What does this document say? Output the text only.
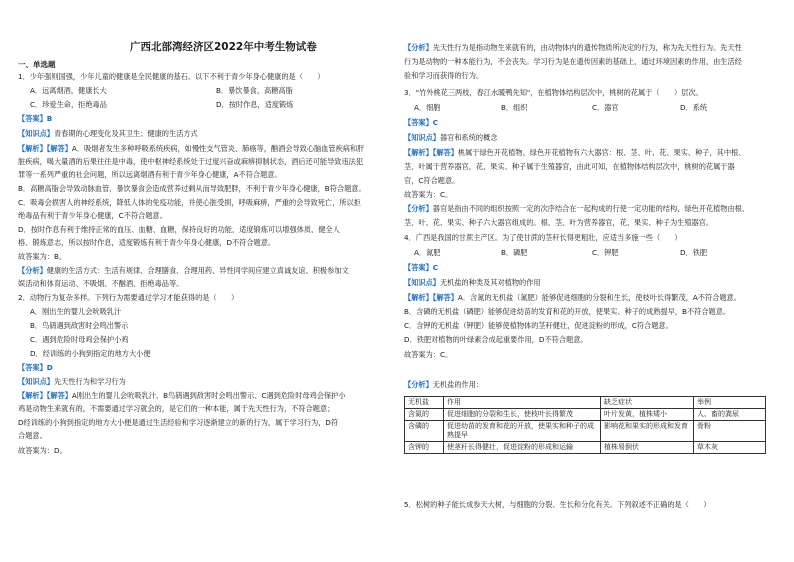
广西北部湾经济区2022年中考生物试卷
一、单选题
1．少年强则国强，少年儿童的健康是全民健康的基石。以下不利于青少年身心健康的是（　　）
A．远离烟酒，健康长大	B．暴饮暴食，高糖高脂
C．珍爱生命，拒绝毒品	D．按时作息，适度锻炼
【答案】B
【知识点】青春期的心理变化及其卫生；健康的生活方式
【解析】【解答】A．吸烟者发生多种呼吸系统疾病，如慢性支气管炎、肺癌等，酗酒会导致心脑血管疾病和肝
脏疾病，喝大量酒的后果往往是中毒，使中枢神经系统处于过度兴奋或麻痹抑制状态，酒后还可能导致违法犯
罪等一系列严重的社会问题，所以远离烟酒有利于青少年身心健康，A不符合题意。
B．高糖高脂会导致动脉血管，暴饮暴食会造成营养过剩从而导致肥胖，不利于青少年身心健康，B符合题意。
C．吸毒会损害人的神经系统，降低人体的免疫功能，并使心脏受损，呼吸麻痹，严重的会导致死亡，所以拒
绝毒品有利于青少年身心健康，C不符合题意。
D．按时作息有利于维持正常的血压、血糖、血糖，保持良好的功能，适度锻炼可以增强体质、健全人
格、锻炼意志，所以按时作息，适度锻炼有利于青少年身心健康，D不符合题意。
故答案为：B。
【分析】健康的生活方式：生活有规律、合理膳食、合理用药、异性同学间应建立真诚友谊、积极参加文
娱活动和体育运动、不吸烟、不酗酒、拒绝毒品等。
2．动物行为复杂多样。下列行为需要通过学习才能获得的是（　　）
A．刚出生的婴儿会吮吸乳汁
B．鸟鸫遇到敌害时会鸣出警示
C．遇到危险时母鸡会保护小鸡
D．经训练的小狗到指定的地方大小便
【答案】D
【知识点】先天性行为和学习行为
【解析】【解答】A刚出生的婴儿会吮吸乳汁、B鸟鸫遇到敌害时会鸣出警示、C遇到危险时母鸡会保护小
鸡是动物生来就有的，不需要通过学习就会的，是它们的一种本能，属于先天性行为，不符合题意；
D经训练的小狗到指定的地方大小便是通过生活经验和学习逐渐建立的新的行为，属于学习行为，D符
合题意。
故答案为：D。
【分析】先天性行为是指动物生来就有的，由动物体内的遗传物质所决定的行为，称为先天性行为。先天性
行为是动物的一种本能行为，不会丧失。学习行为是在遗传因素的基础上，通过环境因素的作用，由生活经
验和学习而获得的行为。
3．"竹外桃花三两枝，春江水暖鸭先知"，在植物体结构层次中，桃树的花属于（　　）层次。
A．细胞	B．组织	C．器官	D．系统
【答案】C
【知识点】器官和系统的概念
【解析】【解答】桃属于绿色开花植物。绿色开花植物有六大器官：根、茎、叶、花、果实、种子，其中根、
茎、叶属于营养器官，花、果实、种子属于生殖器官，由此可知，在植物体结构层次中，桃树的花属于器
官，C符合题意。
故答案为：C。
【分析】器官是指由不同的组织按照一定的次序结合在一起构成的行使一定功能的结构，绿色开花植物由根、
茎、叶、花、果实、种子六大器官组成的。根、茎、叶为营养器官，花、果实、种子为生殖器官。
4．广西是我国的甘蔗主产区。为了使甘蔗的茎秆长得更粗壮，应适当多施一些（　　）
A．氮肥	B．磷肥	C．钾肥	D．铁肥
【答案】C
【知识点】无机盐的种类及其对植物的作用
【解析】【解答】A．含氮的无机盐（氮肥）能够促进细胞的分裂和生长，使枝叶长得繁茂，A不符合题意。
B．含磷的无机盐（磷肥）能够促进幼苗的发育和花的开放，使果实、种子的成熟提早，B不符合题意。
C．含钾的无机盐（钾肥）能够使植物体的茎秆健壮，促进淀粉的形成，C符合题意。
D．铁肥对植物的叶绿素合成起重要作用，D不符合题意。
故答案为：C。
【分析】无机盐的作用：
无机盐	作用	缺乏症状	举例
含氮的	促进细胞的分裂和生长，使枝叶长得繁茂	叶片发黄，植株矮小	人、畜的粪尿
含磷的	促进幼苗的发育和花的开放，使果实和种子的成熟提早	影响花和果实的形成和发育	骨粉
含钾的	使茎秆长得健壮，促进淀粉的形成和运输	植株易倒伏	草木灰
5．松树的种子能长成参天大树，与细胞的分裂、生长和分化有关。下列叙述不正确的是（　　）
